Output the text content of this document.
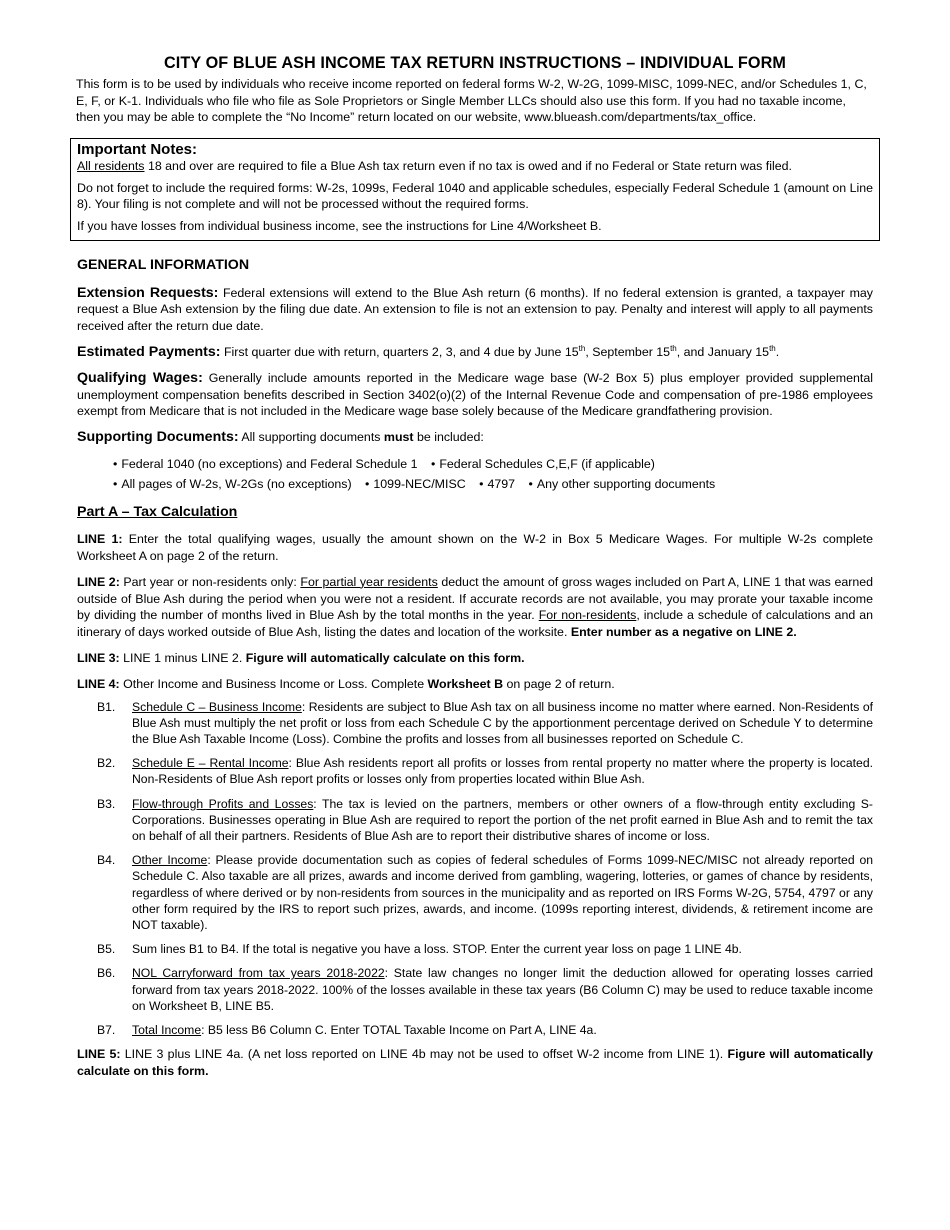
CITY OF BLUE ASH INCOME TAX RETURN INSTRUCTIONS – INDIVIDUAL FORM

This form is to be used by individuals who receive income reported on federal forms W-2, W-2G, 1099-MISC, 1099-NEC, and/or Schedules 1, C, E, F, or K-1. Individuals who file who file as Sole Proprietors or Single Member LLCs should also use this form. If you had no taxable income, then you may be able to complete the “No Income” return located on our website, www.blueash.com/departments/tax_office.

Important Notes:

All residents 18 and over are required to file a Blue Ash tax return even if no tax is owed and if no Federal or State return was filed.

Do not forget to include the required forms: W-2s, 1099s, Federal 1040 and applicable schedules, especially Federal Schedule 1 (amount on Line 8). Your filing is not complete and will not be processed without the required forms.

If you have losses from individual business income, see the instructions for Line 4/Worksheet B.

GENERAL INFORMATION

Extension Requests: Federal extensions will extend to the Blue Ash return (6 months). If no federal extension is granted, a taxpayer may request a Blue Ash extension by the filing due date. An extension to file is not an extension to pay. Penalty and interest will apply to all payments received after the return due date.

Estimated Payments: First quarter due with return, quarters 2, 3, and 4 due by June 15th, September 15th, and January 15th.

Qualifying Wages: Generally include amounts reported in the Medicare wage base (W-2 Box 5) plus employer provided supplemental unemployment compensation benefits described in Section 3402(o)(2) of the Internal Revenue Code and compensation of pre-1986 employees exempt from Medicare that is not included in the Medicare wage base solely because of the Medicare grandfathering provision.

Supporting Documents: All supporting documents must be included:

• Federal 1040 (no exceptions) and Federal Schedule 1 • Federal Schedules C,E,F (if applicable)
• All pages of W-2s, W-2Gs (no exceptions) • 1099-NEC/MISC • 4797 • Any other supporting documents
Part A – Tax Calculation

LINE 1: Enter the total qualifying wages, usually the amount shown on the W-2 in Box 5 Medicare Wages. For multiple W-2s complete Worksheet A on page 2 of the return.

LINE 2: Part year or non-residents only: For partial year residents deduct the amount of gross wages included on Part A, LINE 1 that was earned outside of Blue Ash during the period when you were not a resident. If accurate records are not available, you may prorate your taxable income by dividing the number of months lived in Blue Ash by the total months in the year. For non-residents, include a schedule of calculations and an itinerary of days worked outside of Blue Ash, listing the dates and location of the worksite. Enter number as a negative on LINE 2.

LINE 3: LINE 1 minus LINE 2. Figure will automatically calculate on this form.

LINE 4: Other Income and Business Income or Loss. Complete Worksheet B on page 2 of return.

B1.	Schedule C – Business Income: Residents are subject to Blue Ash tax on all business income no matter where earned. Non-Residents of Blue Ash must multiply the net profit or loss from each Schedule C by the apportionment percentage derived on Schedule Y to determine the Blue Ash Taxable Income (Loss). Combine the profits and losses from all businesses reported on Schedule C.
B2.	Schedule E – Rental Income: Blue Ash residents report all profits or losses from rental property no matter where the property is located. Non-Residents of Blue Ash report profits or losses only from properties located within Blue Ash.
B3.	Flow-through Profits and Losses: The tax is levied on the partners, members or other owners of a flow-through entity excluding S-Corporations. Businesses operating in Blue Ash are required to report the portion of the net profit earned in Blue Ash and to remit the tax on behalf of all their partners. Residents of Blue Ash are to report their distributive shares of income or loss.
B4.	Other Income: Please provide documentation such as copies of federal schedules of Forms 1099-NEC/MISC not already reported on Schedule C. Also taxable are all prizes, awards and income derived from gambling, wagering, lotteries, or games of chance by residents, regardless of where derived or by non-residents from sources in the municipality and as reported on IRS Forms W-2G, 5754, 4797 or any other form required by the IRS to report such prizes, awards, and income. (1099s reporting interest, dividends, & retirement income are NOT taxable).
B5.	Sum lines B1 to B4. If the total is negative you have a loss. STOP. Enter the current year loss on page 1 LINE 4b.
B6.	NOL Carryforward from tax years 2018-2022: State law changes no longer limit the deduction allowed for operating losses carried forward from tax years 2018-2022. 100% of the losses available in these tax years (B6 Column C) may be used to reduce taxable income on Worksheet B, LINE B5.
B7.	Total Income: B5 less B6 Column C. Enter TOTAL Taxable Income on Part A, LINE 4a.

LINE 5: LINE 3 plus LINE 4a. (A net loss reported on LINE 4b may not be used to offset W-2 income from LINE 1). Figure will automatically calculate on this form.
